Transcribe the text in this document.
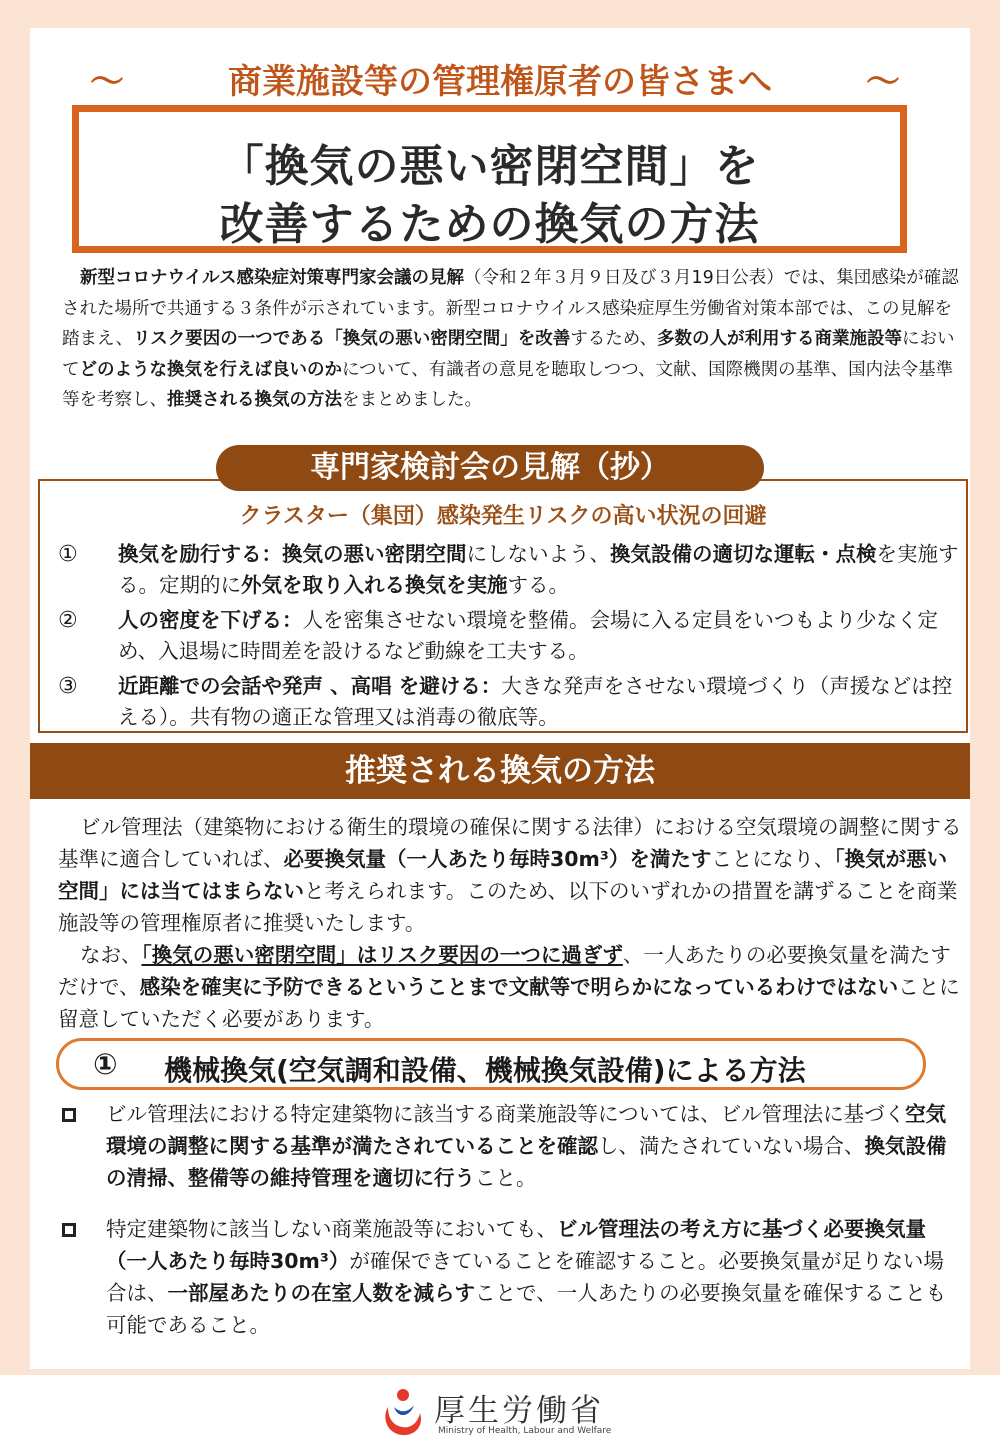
〜	商業施設等の管理権原者の皆さまへ	〜
「換気の悪い密閉空間」を
改善するための換気の方法
新型コロナウイルス感染症対策専門家会議の見解（令和２年３月９日及び３月19日公表）では、集団感染が確認された場所で共通する３条件が示されています。新型コロナウイルス感染症厚生労働省対策本部では、この見解を踏まえ、リスク要因の一つである「換気の悪い密閉空間」を改善するため、多数の人が利用する商業施設等においてどのような換気を行えば良いのかについて、有識者の意見を聴取しつつ、文献、国際機関の基準、国内法令基準等を考察し、推奨される換気の方法をまとめました。
クラスター（集団）感染発生リスクの高い状況の回避
① 換気を励行する：換気の悪い密閉空間にしないよう、換気設備の適切な運転・点検を実施する。定期的に外気を取り入れる換気を実施する。
② 人の密度を下げる：人を密集させない環境を整備。会場に入る定員をいつもより少なく定め、入退場に時間差を設けるなど動線を工夫する。
③ 近距離での会話や発声 、高唱 を避ける：大きな発声をさせない環境づくり（声援などは控える）。共有物の適正な管理又は消毒の徹底等。
専門家検討会の見解（抄）
推奨される換気の方法

ビル管理法（建築物における衛生的環境の確保に関する法律）における空気環境の調整に関する基準に適合していれば、必要換気量（一人あたり毎時30m³）を満たすことになり、「換気が悪い空間」には当てはまらないと考えられます。このため、以下のいずれかの措置を講ずることを商業施設等の管理権原者に推奨いたします。

なお、「換気の悪い密閉空間」はリスク要因の一つに過ぎず、一人あたりの必要換気量を満たすだけで、感染を確実に予防できるということまで文献等で明らかになっているわけではないことに留意していただく必要があります。

① 機械換気(空気調和設備、機械換気設備)による方法
ビル管理法における特定建築物に該当する商業施設等については、ビル管理法に基づく空気環境の調整に関する基準が満たされていることを確認し、満たされていない場合、換気設備の清掃、整備等の維持管理を適切に行うこと。
特定建築物に該当しない商業施設等においても、ビル管理法の考え方に基づく必要換気量（一人あたり毎時30m³）が確保できていることを確認すること。必要換気量が足りない場合は、一部屋あたりの在室人数を減らすことで、一人あたりの必要換気量を確保することも可能であること。
厚生労働省
Ministry of Health, Labour and Welfare
